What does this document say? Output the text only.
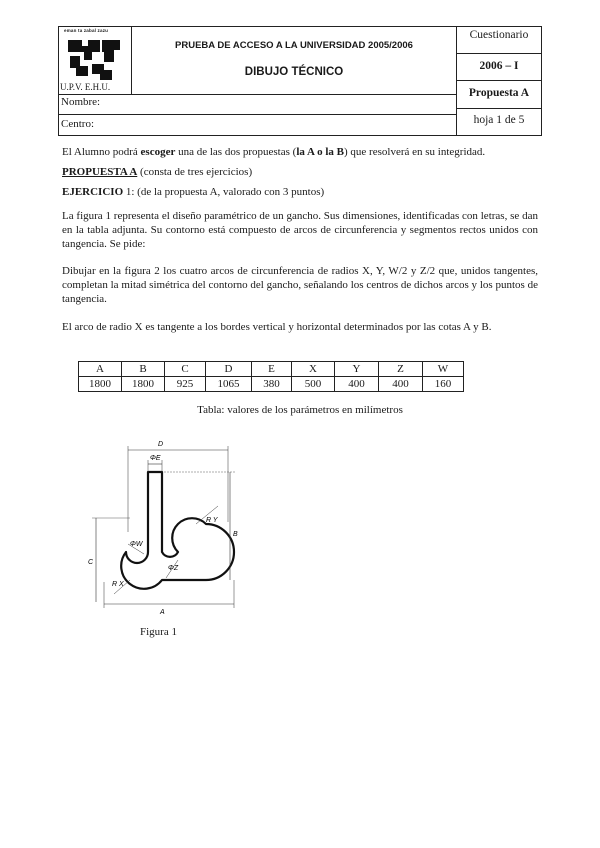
eman ta zabal zazu
U.P.V. E.H.U.
PRUEBA DE ACCESO A LA UNIVERSIDAD 2005/2006
DIBUJO TÉCNICO
Nombre:
Centro:
Cuestionario
2006 – I
Propuesta A
hoja 1 de 5
El Alumno podrá escoger una de las dos propuestas (la A o la B) que resolverá en su integridad.
PROPUESTA A (consta de tres ejercicios)
EJERCICIO 1: (de la propuesta A, valorado con 3 puntos)
La figura 1 representa el diseño paramétrico de un gancho. Sus dimensiones, identificadas con letras, se dan en la tabla adjunta. Su contorno está compuesto de arcos de circunferencia y segmentos rectos unidos con tangencia. Se pide:
Dibujar en la figura 2 los cuatro arcos de circunferencia de radios X, Y, W/2 y Z/2 que, unidos tangentes, completan la mitad simétrica del contorno del gancho, señalando los centros de dichos arcos y los puntos de tangencia.
El arco de radio X es tangente a los bordes vertical y horizontal determinados por las cotas A y B.
A	B	C	D	E	X	Y	Z	W
1800	1800	925	1065	380	500	400	400	160
Tabla: valores de los parámetros en milímetros
D
ΦE
B
C
A
ΦW
ΦZ
R X
R Y
Figura 1
